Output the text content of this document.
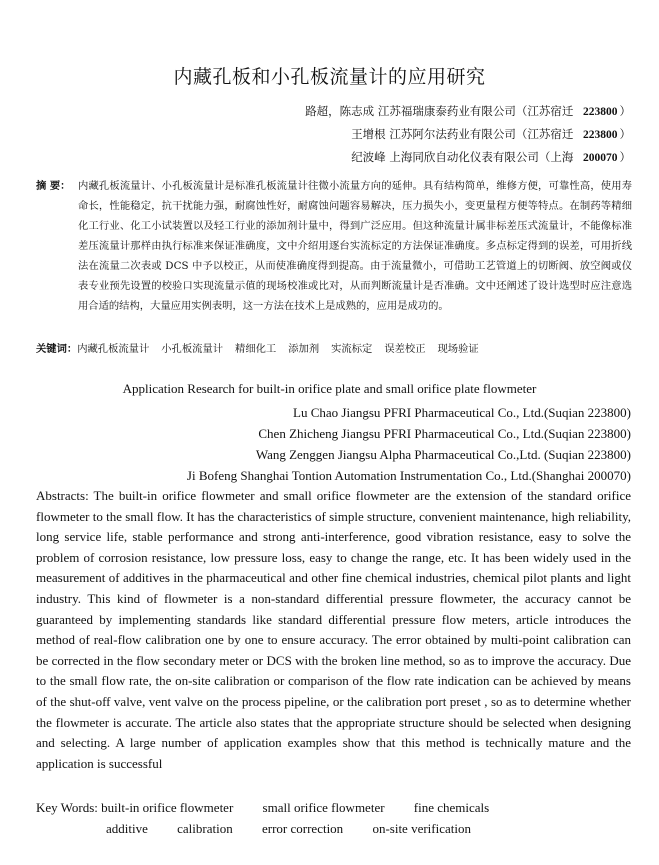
内藏孔板和小孔板流量计的应用研究
路超，陈志成 江苏福瑞康泰药业有限公司（江苏宿迁 223800 ）
王增根 江苏阿尔法药业有限公司（江苏宿迁 223800 ）
纪波峰 上海同欣自动化仪表有限公司（上海 200070 ）
摘 要： 内藏孔板流量计、小孔板流量计是标准孔板流量计往微小流量方向的延伸。具有结构简单，维修方便，可靠性高，使用寿命长，性能稳定，抗干扰能力强，耐腐蚀性好，耐腐蚀问题容易解决，压力损失小，变更量程方便等特点。在制药等精细化工行业、化工小试装置以及轻工行业的添加剂计量中，得到广泛应用。但这种流量计属非标差压式流量计，不能像标准差压流量计那样由执行标准来保证准确度，文中介绍用逐台实流标定的方法保证准确度。多点标定得到的误差，可用折线法在流量二次表或 DCS 中予以校正，从而使准确度得到提高。由于流量微小，可借助工艺管道上的切断阀、放空阀或仪表专业预先设置的校验口实现流量示值的现场校准或比对，从而判断流量计是否准确。文中还阐述了设计选型时应注意选用合适的结构，大量应用实例表明，这一方法在技术上是成熟的，应用是成功的。
关键词：内藏孔板流量计 小孔板流量计 精细化工 添加剂 实流标定 误差校正 现场验证
Application Research for built-in orifice plate and small orifice plate flowmeter
Lu Chao Jiangsu PFRI Pharmaceutical Co., Ltd.(Suqian 223800)
Chen Zhicheng Jiangsu PFRI Pharmaceutical Co., Ltd.(Suqian 223800)
Wang Zenggen Jiangsu Alpha Pharmaceutical Co.,Ltd. (Suqian 223800)
Ji Bofeng Shanghai Tontion Automation Instrumentation Co., Ltd.(Shanghai 200070)
Abstracts: The built-in orifice flowmeter and small orifice flowmeter are the extension of the standard orifice flowmeter to the small flow. It has the characteristics of simple structure, convenient maintenance, high reliability, long service life, stable performance and strong anti-interference, good vibration resistance, easy to solve the problem of corrosion resistance, low pressure loss, easy to change the range, etc. It has been widely used in the measurement of additives in the pharmaceutical and other fine chemical industries, chemical pilot plants and light industry. This kind of flowmeter is a non-standard differential pressure flowmeter, the accuracy cannot be guaranteed by implementing standards like standard differential pressure flow meters, article introduces the method of real-flow calibration one by one to ensure accuracy. The error obtained by multi-point calibration can be corrected in the flow secondary meter or DCS with the broken line method, so as to improve the accuracy. Due to the small flow rate, the on-site calibration or comparison of the flow rate indication can be achieved by means of the shut-off valve, vent valve on the process pipeline, or the calibration port preset , so as to determine whether the flowmeter is accurate. The article also states that the appropriate structure should be selected when designing and selecting. A large number of application examples show that this method is technically mature and the application is successful
Key Words: built-in orifice flowmeter small orifice flowmeter fine chemicals
additive calibration error correction on-site verification
